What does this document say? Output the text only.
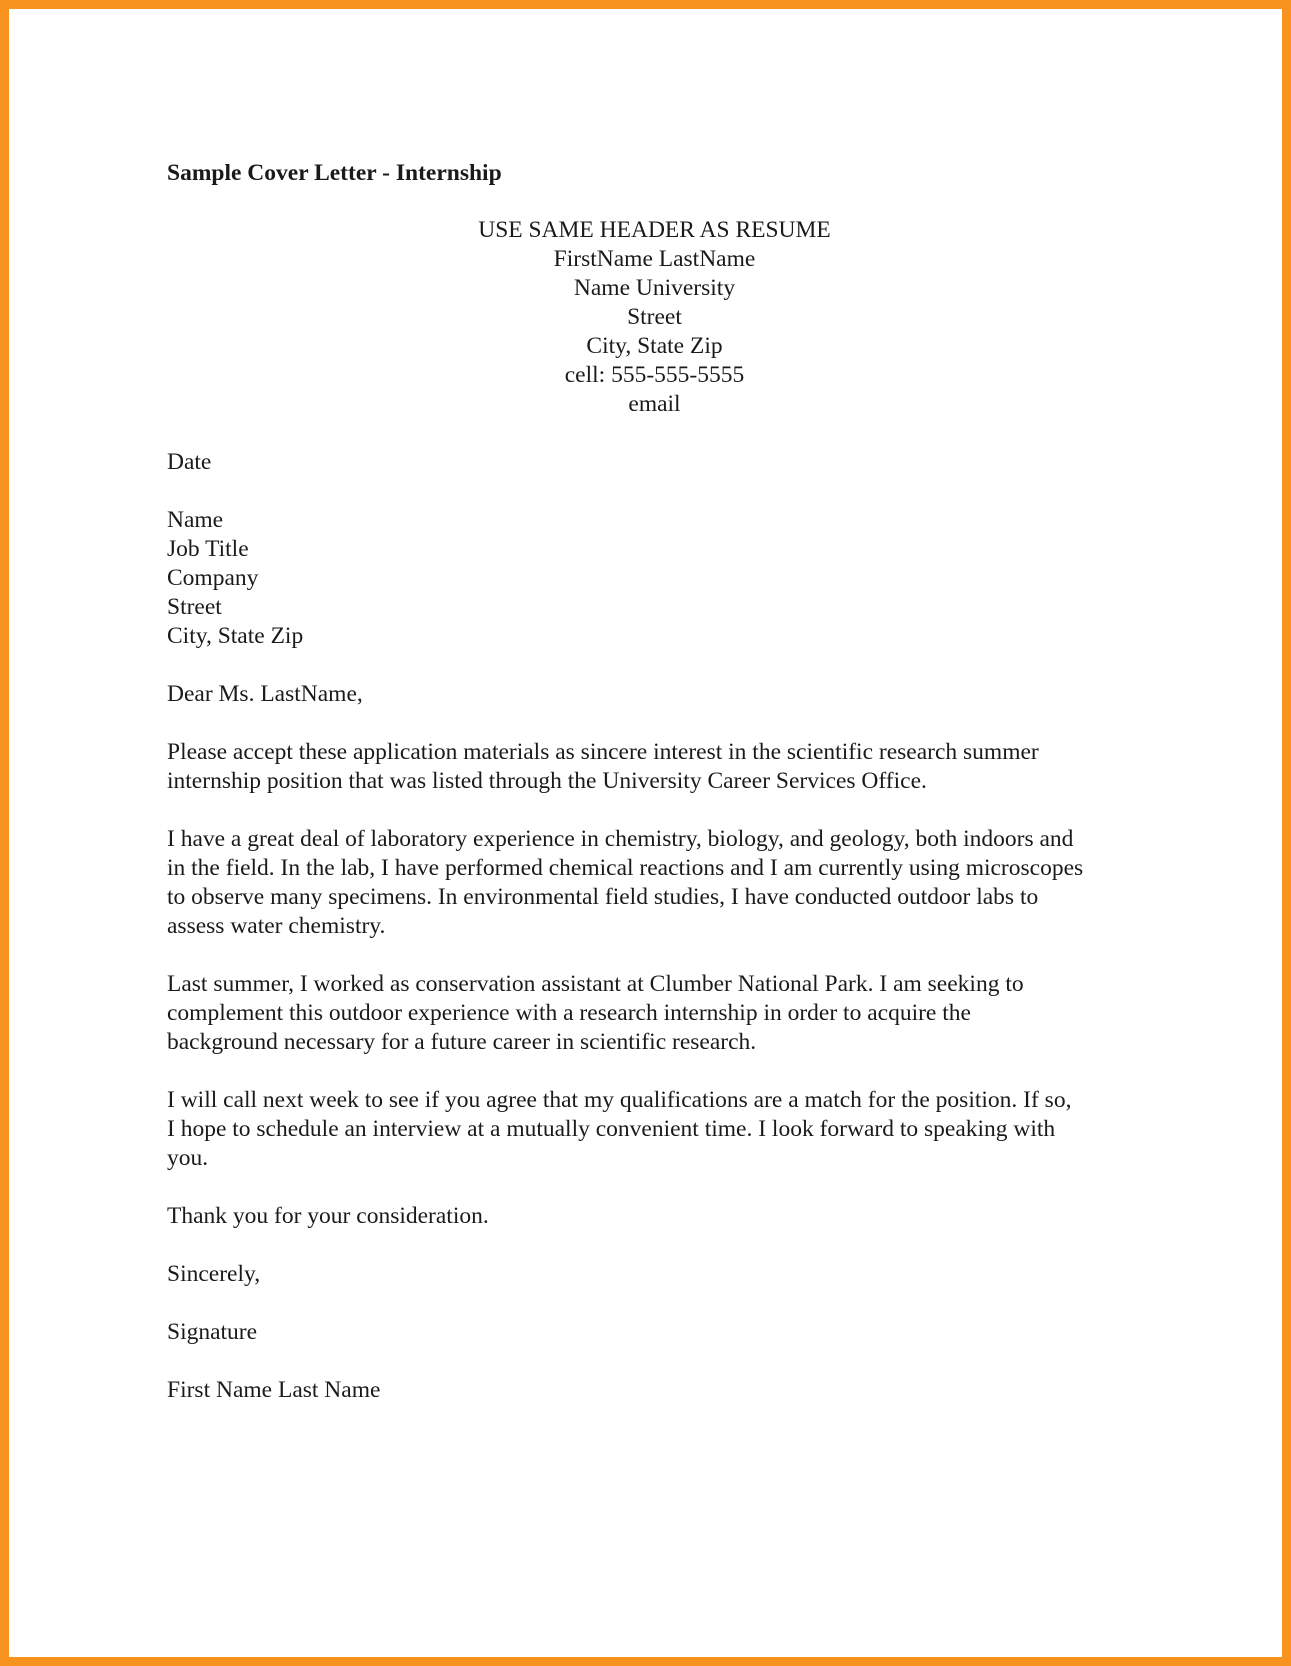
Sample Cover Letter - Internship
USE SAME HEADER AS RESUME
FirstName LastName
Name University
Street
City, State Zip
cell: 555-555-5555
email
Date
Name
Job Title
Company
Street
City, State Zip
Dear Ms. LastName,
Please accept these application materials as sincere interest in the scientific research summer
internship position that was listed through the University Career Services Office.
I have a great deal of laboratory experience in chemistry, biology, and geology, both indoors and
in the field. In the lab, I have performed chemical reactions and I am currently using microscopes
to observe many specimens. In environmental field studies, I have conducted outdoor labs to
assess water chemistry.
Last summer, I worked as conservation assistant at Clumber National Park. I am seeking to
complement this outdoor experience with a research internship in order to acquire the
background necessary for a future career in scientific research.
I will call next week to see if you agree that my qualifications are a match for the position. If so,
I hope to schedule an interview at a mutually convenient time. I look forward to speaking with
you.
Thank you for your consideration.
Sincerely,
Signature
First Name Last Name
